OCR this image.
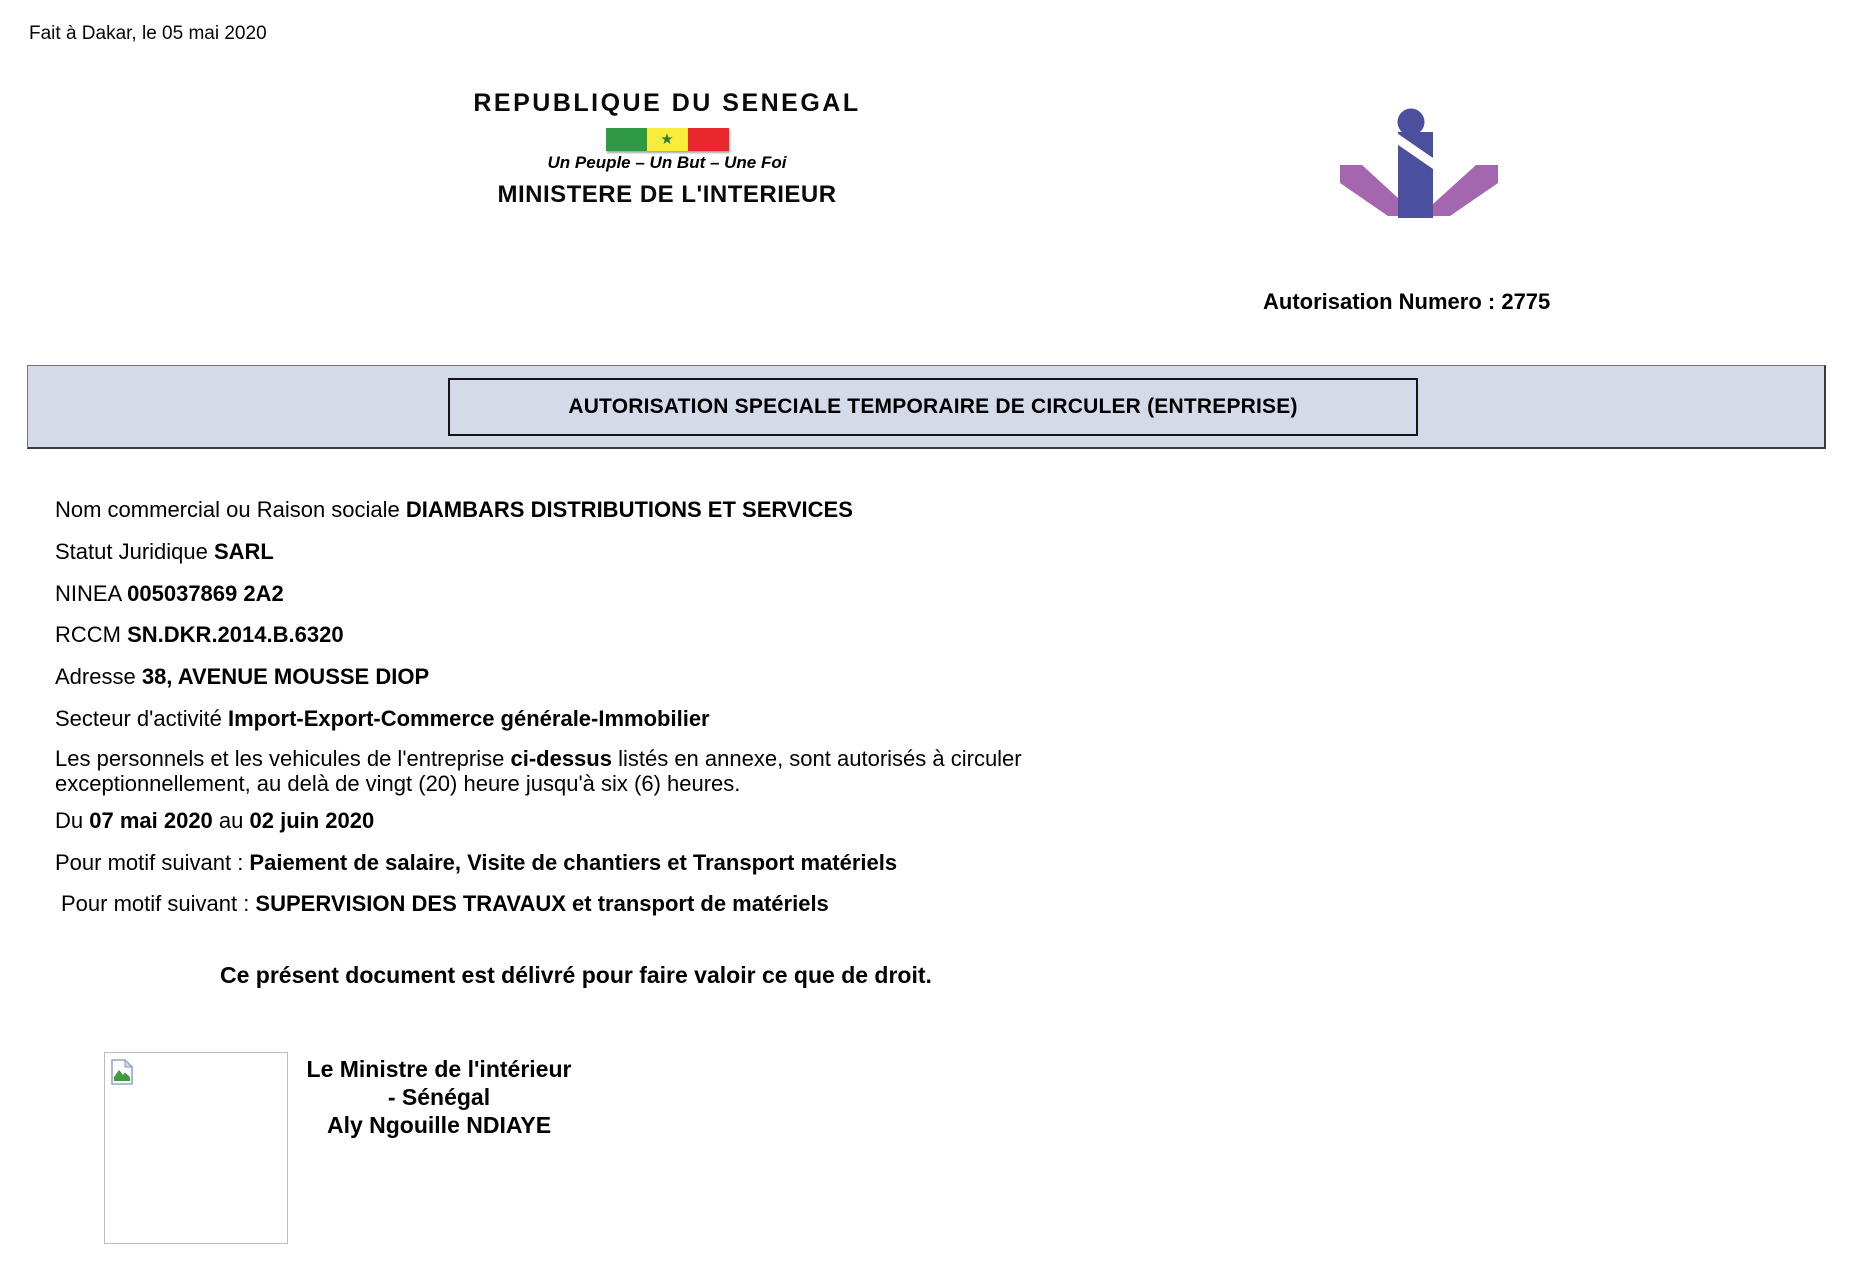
Fait à Dakar, le 05 mai 2020
REPUBLIQUE DU SENEGAL
★
Un Peuple – Un But – Une Foi
MINISTERE DE L'INTERIEUR
Autorisation Numero : 2775
AUTORISATION SPECIALE TEMPORAIRE DE CIRCULER (ENTREPRISE)
Nom commercial ou Raison sociale DIAMBARS DISTRIBUTIONS ET SERVICES
Statut Juridique SARL
NINEA 005037869 2A2
RCCM SN.DKR.2014.B.6320
Adresse 38, AVENUE MOUSSE DIOP
Secteur d'activité Import-Export-Commerce générale-Immobilier
Les personnels et les vehicules de l'entreprise ci-dessus listés en annexe, sont autorisés à circuler
exceptionnellement, au delà de vingt (20) heure jusqu'à six (6) heures.
Du 07 mai 2020 au 02 juin 2020
Pour motif suivant : Paiement de salaire, Visite de chantiers et Transport matériels
Pour motif suivant : SUPERVISION DES TRAVAUX et transport de matériels
Ce présent document est délivré pour faire valoir ce que de droit.
Le Ministre de l'intérieur
- Sénégal
Aly Ngouille NDIAYE
